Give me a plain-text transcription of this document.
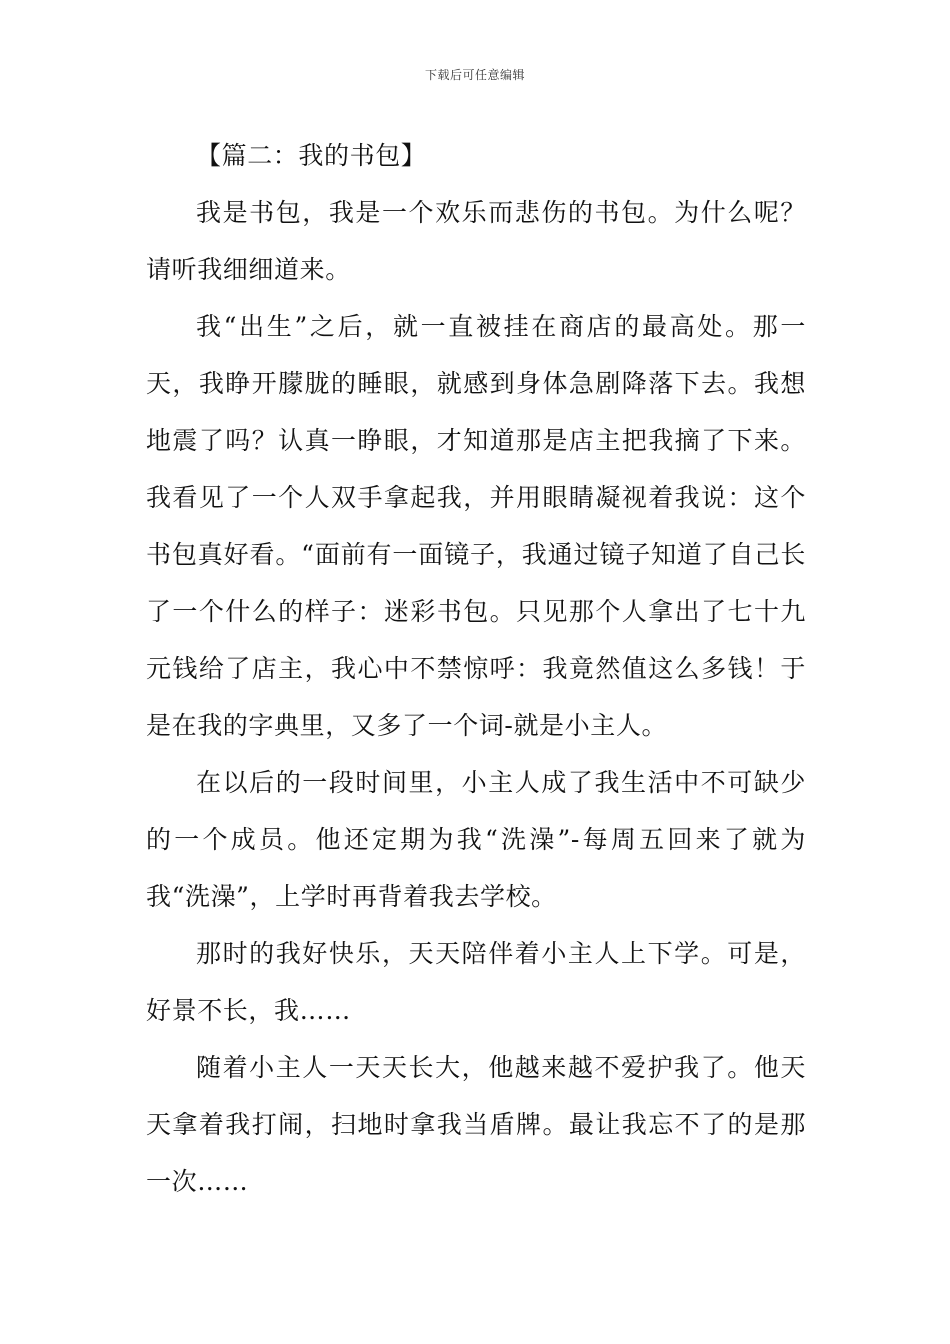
下载后可任意编辑

【篇二：我的书包】

我是书包，我是一个欢乐而悲伤的书包。为什么呢？请听我细细道来。

我“出生”之后，就一直被挂在商店的最高处。那一天，我睁开朦胧的睡眼，就感到身体急剧降落下去。我想地震了吗？认真一睁眼，才知道那是店主把我摘了下来。我看见了一个人双手拿起我，并用眼睛凝视着我说：这个书包真好看。“面前有一面镜子，我通过镜子知道了自己长了一个什么的样子：迷彩书包。只见那个人拿出了七十九元钱给了店主，我心中不禁惊呼：我竟然值这么多钱！于是在我的字典里，又多了一个词-就是小主人。

在以后的一段时间里，小主人成了我生活中不可缺少的一个成员。他还定期为我“洗澡”-每周五回来了就为我“洗澡”，上学时再背着我去学校。

那时的我好快乐，天天陪伴着小主人上下学。可是，好景不长，我……

随着小主人一天天长大，他越来越不爱护我了。他天天拿着我打闹，扫地时拿我当盾牌。最让我忘不了的是那一次……
